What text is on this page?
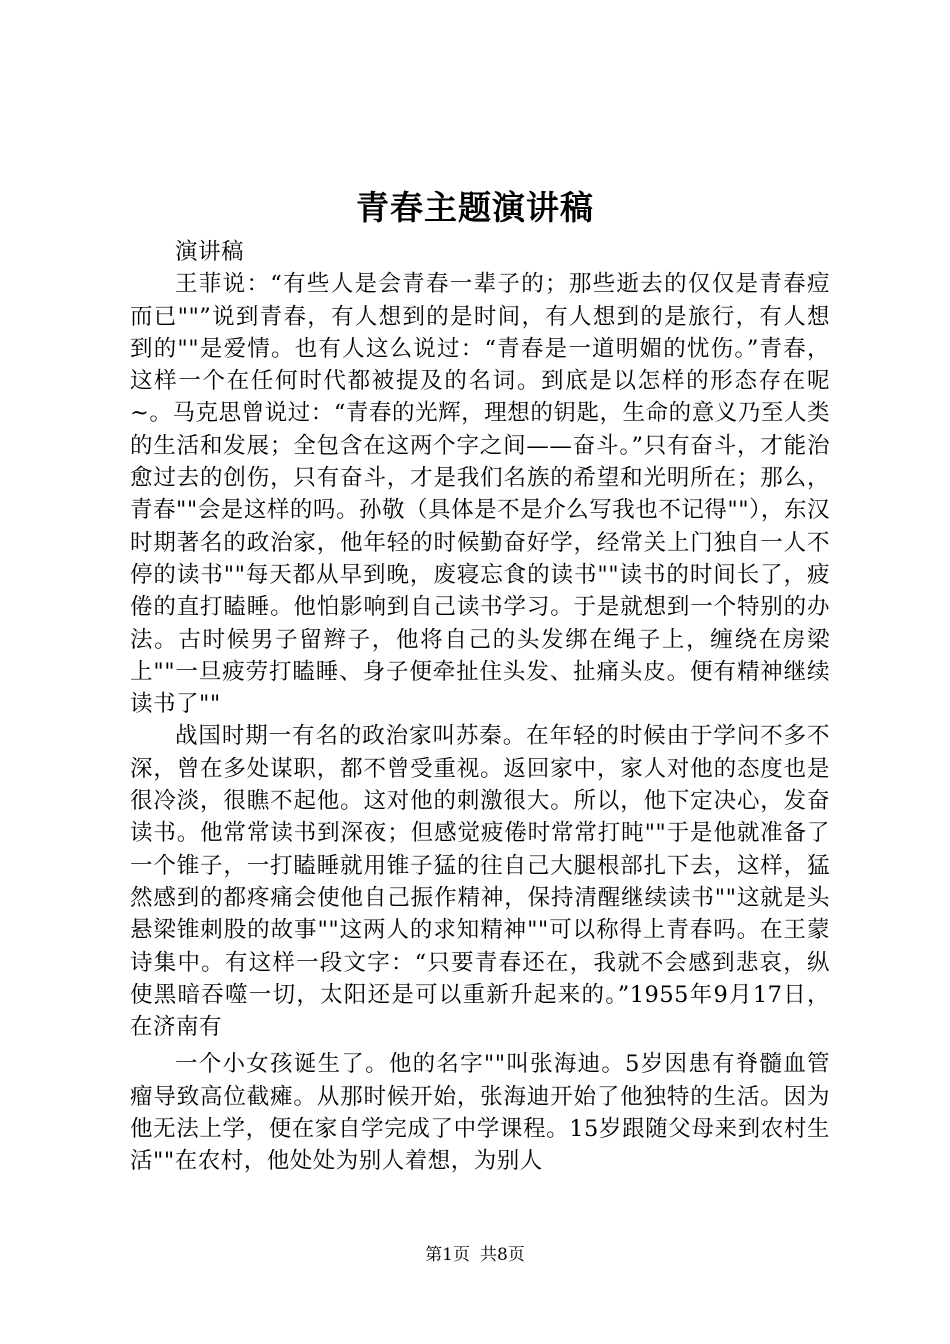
青春主题演讲稿

演讲稿

王菲说：“有些人是会青春一辈子的；那些逝去的仅仅是青春痘而已""”说到青春，有人想到的是时间，有人想到的是旅行，有人想到的""是爱情。也有人这么说过：“青春是一道明媚的忧伤。”青春，这样一个在任何时代都被提及的名词。到底是以怎样的形态存在呢~。马克思曾说过：“青春的光辉，理想的钥匙，生命的意义乃至人类的生活和发展；全包含在这两个字之间——奋斗。”只有奋斗，才能治愈过去的创伤，只有奋斗，才是我们名族的希望和光明所在；那么，青春""会是这样的吗。孙敬（具体是不是介么写我也不记得""），东汉时期著名的政治家，他年轻的时候勤奋好学，经常关上门独自一人不停的读书""每天都从早到晚，废寝忘食的读书""读书的时间长了，疲倦的直打瞌睡。他怕影响到自己读书学习。于是就想到一个特别的办法。古时候男子留辫子，他将自己的头发绑在绳子上，缠绕在房梁上""一旦疲劳打瞌睡、身子便牵扯住头发、扯痛头皮。便有精神继续读书了""

战国时期一有名的政治家叫苏秦。在年轻的时候由于学问不多不深，曾在多处谋职，都不曾受重视。返回家中，家人对他的态度也是很冷淡，很瞧不起他。这对他的刺激很大。所以，他下定决心，发奋读书。他常常读书到深夜；但感觉疲倦时常常打盹""于是他就准备了一个锥子，一打瞌睡就用锥子猛的往自己大腿根部扎下去，这样，猛然感到的都疼痛会使他自己振作精神，保持清醒继续读书""这就是头悬梁锥刺股的故事""这两人的求知精神""可以称得上青春吗。在王蒙诗集中。有这样一段文字：“只要青春还在，我就不会感到悲哀，纵使黑暗吞噬一切，太阳还是可以重新升起来的。”1955年9月17日，在济南有

一个小女孩诞生了。他的名字""叫张海迪。5岁因患有脊髓血管瘤导致高位截瘫。从那时候开始，张海迪开始了他独特的生活。因为他无法上学，便在家自学完成了中学课程。15岁跟随父母来到农村生活""在农村，他处处为别人着想，为别人

第1页 共8页
